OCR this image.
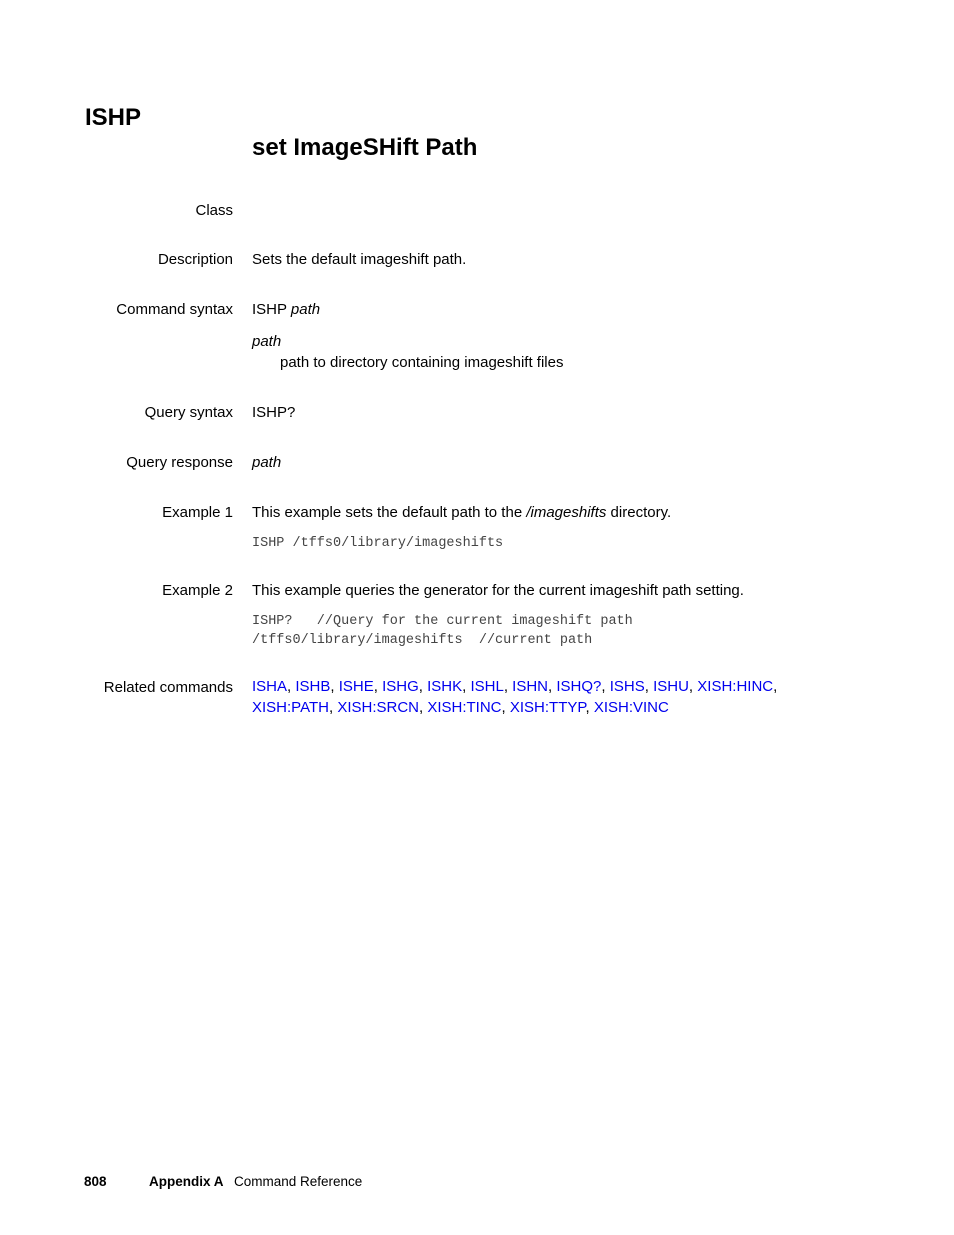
ISHP
set ImageSHift Path
Class
Description Sets the default imageshift path.
Command syntax ISHP path
path
path to directory containing imageshift files
Query syntax ISHP?
Query response path
Example 1 This example sets the default path to the /imageshifts directory.
ISHP /tffs0/library/imageshifts
Example 2 This example queries the generator for the current imageshift path setting.
ISHP?   //Query for the current imageshift path
/tffs0/library/imageshifts  //current path
Related commands ISHA, ISHB, ISHE, ISHG, ISHK, ISHL, ISHN, ISHQ?, ISHS, ISHU, XISH:HINC,
XISH:PATH, XISH:SRCN, XISH:TINC, XISH:TTYP, XISH:VINC
808	Appendix A Command Reference
